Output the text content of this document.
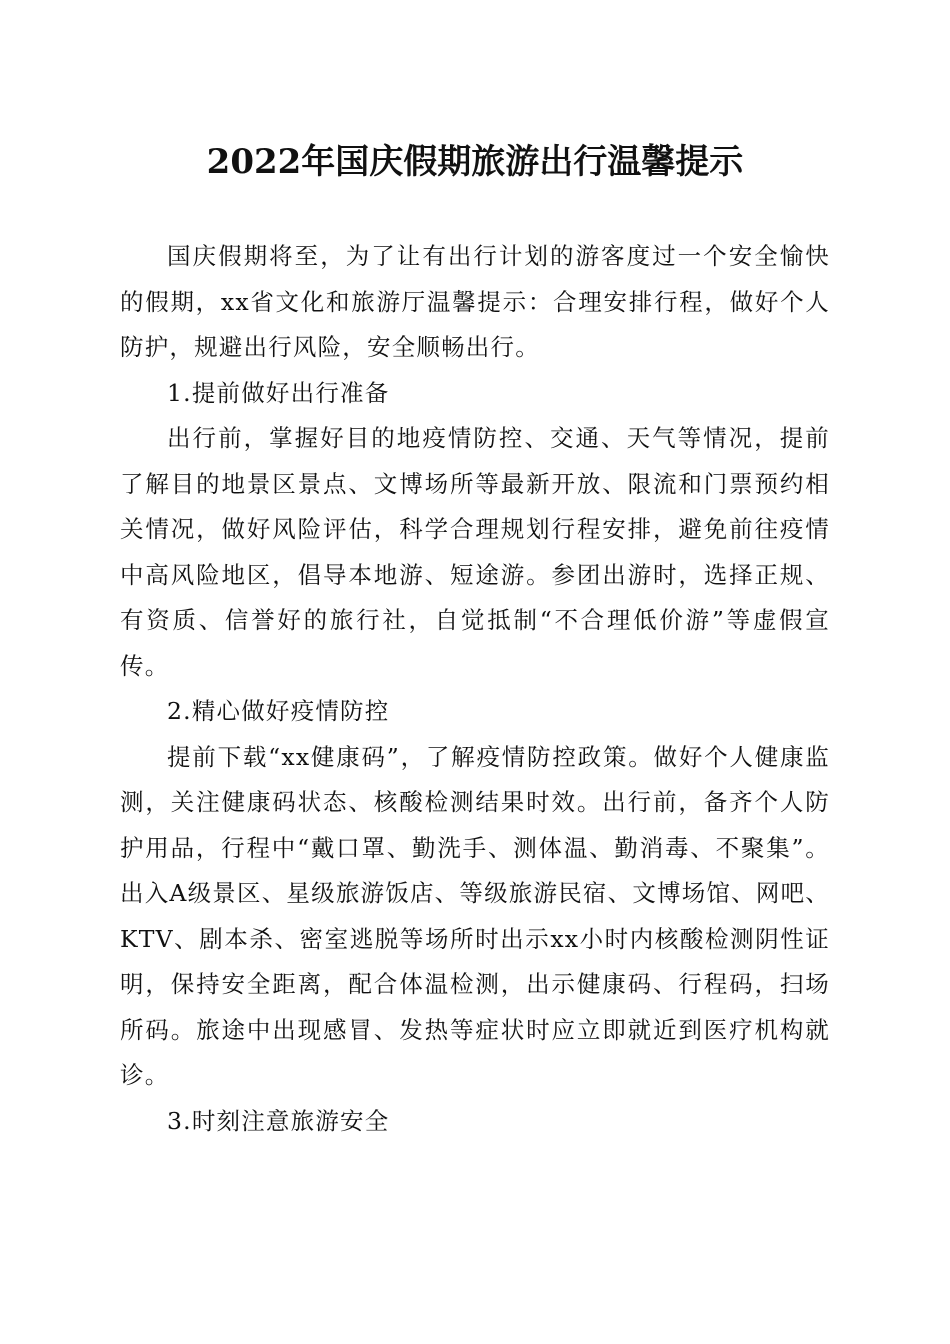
2022年国庆假期旅游出行温馨提示

国庆假期将至，为了让有出行计划的游客度过一个安全愉快的假期，xx省文化和旅游厅温馨提示：合理安排行程，做好个人防护，规避出行风险，安全顺畅出行。

1.提前做好出行准备

出行前，掌握好目的地疫情防控、交通、天气等情况，提前了解目的地景区景点、文博场所等最新开放、限流和门票预约相关情况，做好风险评估，科学合理规划行程安排，避免前往疫情中高风险地区，倡导本地游、短途游。参团出游时，选择正规、有资质、信誉好的旅行社，自觉抵制“不合理低价游”等虚假宣传。

2.精心做好疫情防控

提前下载“xx健康码”，了解疫情防控政策。做好个人健康监测，关注健康码状态、核酸检测结果时效。出行前，备齐个人防护用品，行程中“戴口罩、勤洗手、测体温、勤消毒、不聚集”。出入A级景区、星级旅游饭店、等级旅游民宿、文博场馆、网吧、KTV、剧本杀、密室逃脱等场所时出示xx小时内核酸检测阴性证明，保持安全距离，配合体温检测，出示健康码、行程码，扫场所码。旅途中出现感冒、发热等症状时应立即就近到医疗机构就诊。

3.时刻注意旅游安全
